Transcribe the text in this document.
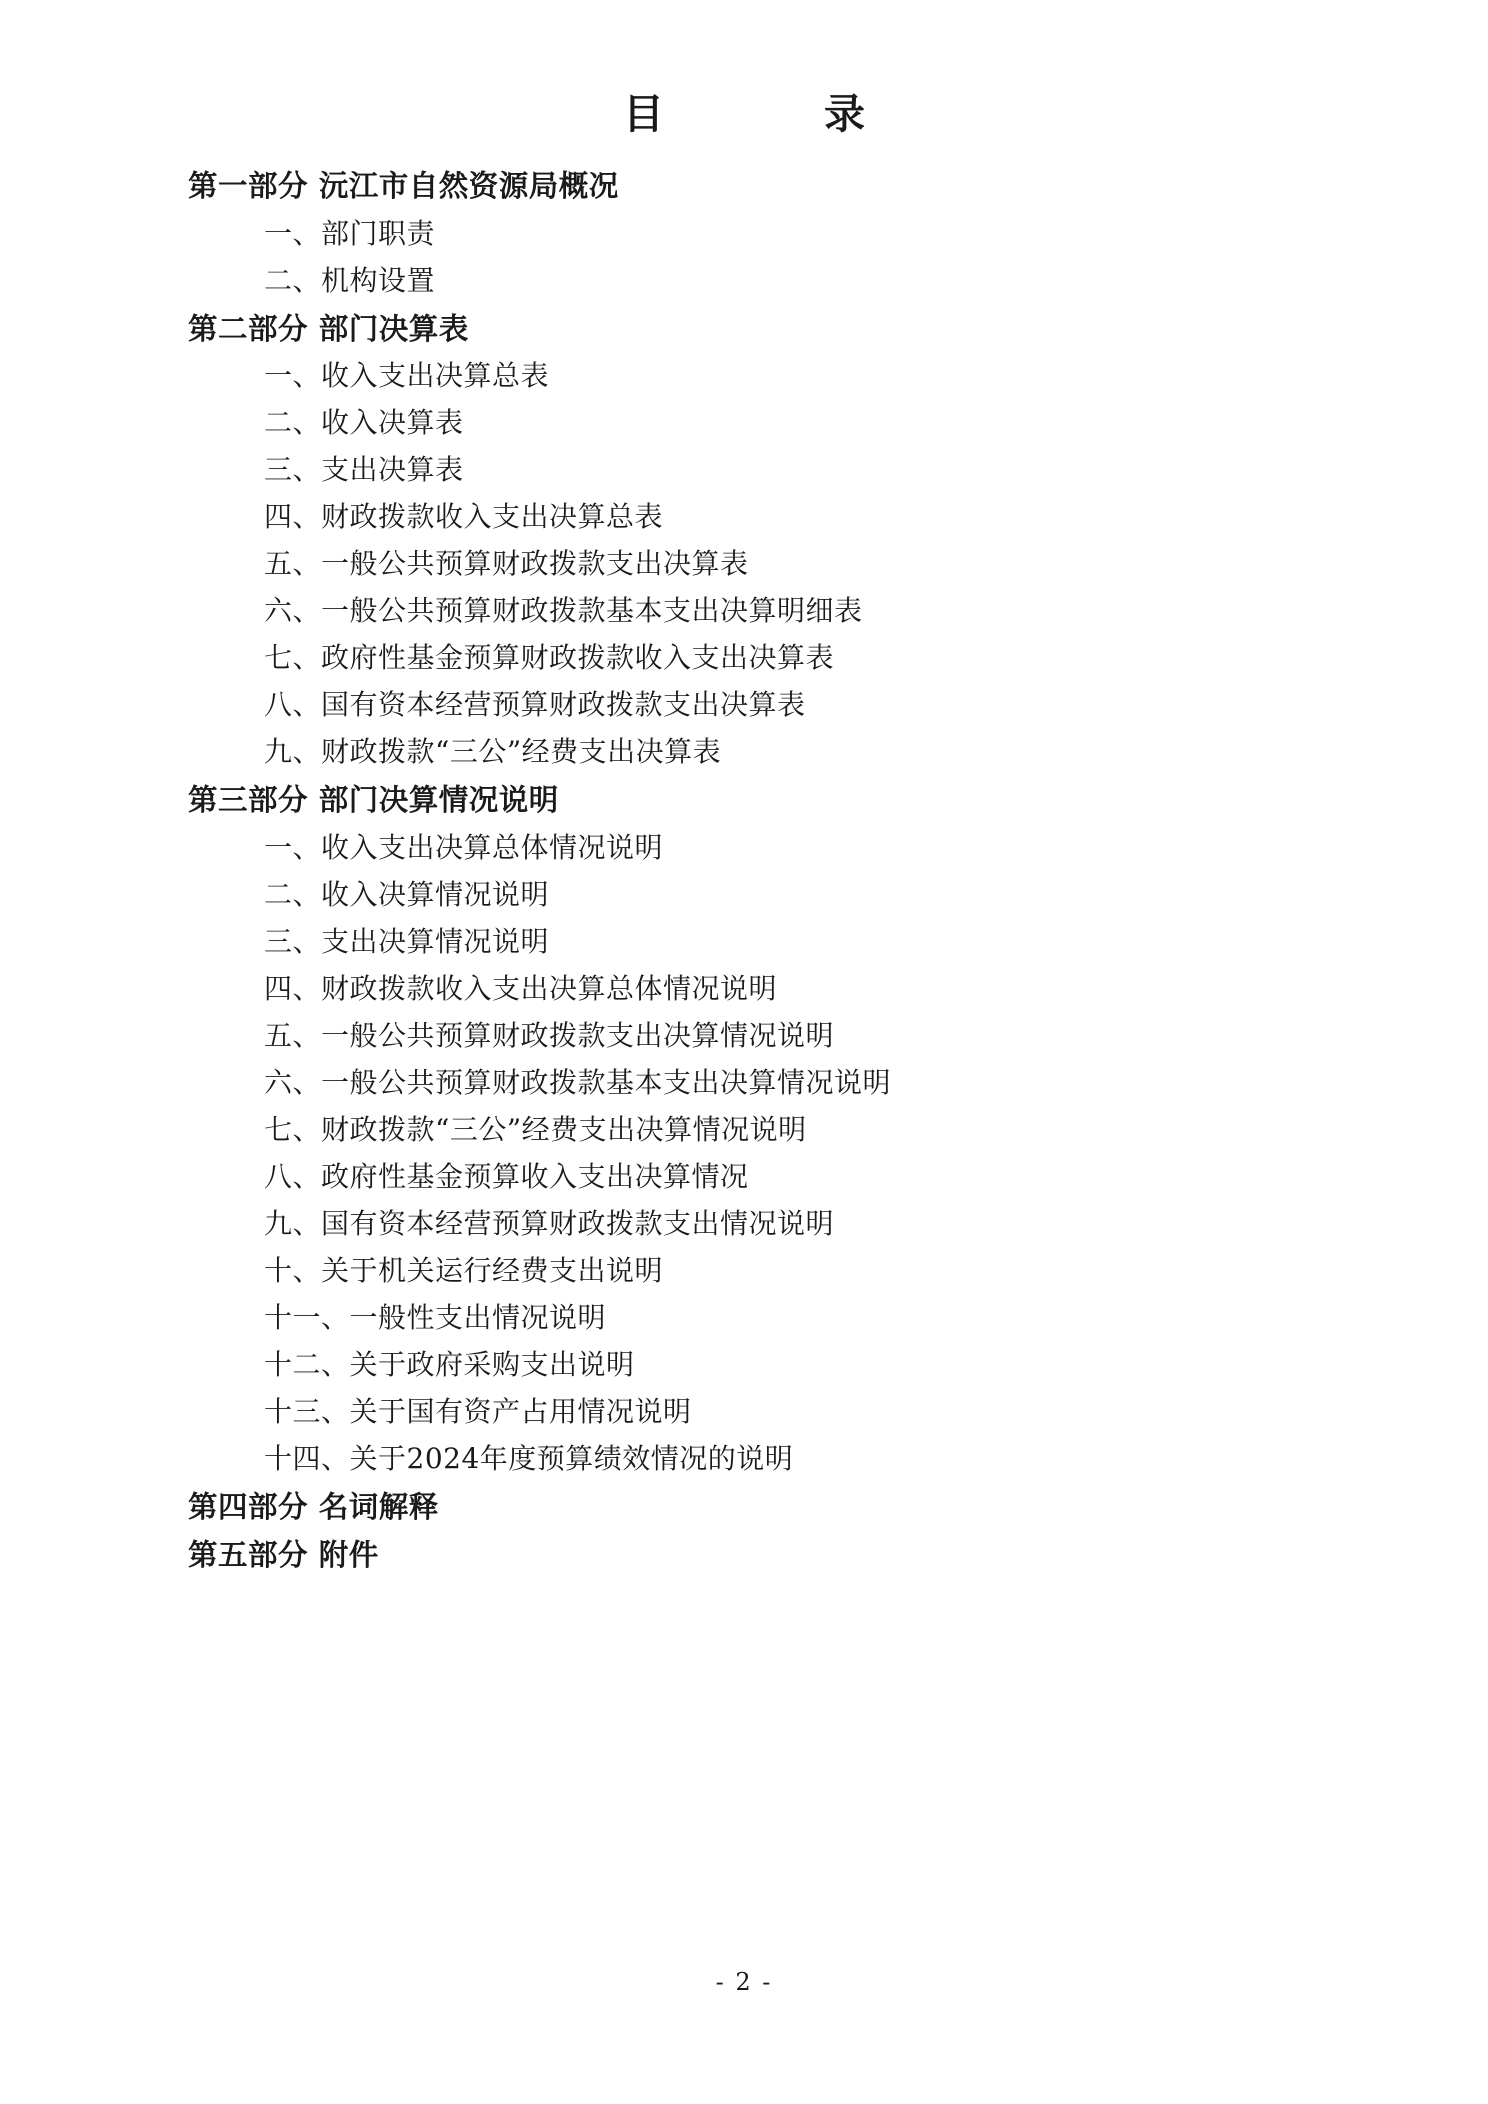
目　　录
第一部分 沅江市自然资源局概况
一、部门职责
二、机构设置
第二部分 部门决算表
一、收入支出决算总表
二、收入决算表
三、支出决算表
四、财政拨款收入支出决算总表
五、一般公共预算财政拨款支出决算表
六、一般公共预算财政拨款基本支出决算明细表
七、政府性基金预算财政拨款收入支出决算表
八、国有资本经营预算财政拨款支出决算表
九、财政拨款“三公”经费支出决算表
第三部分 部门决算情况说明
一、收入支出决算总体情况说明
二、收入决算情况说明
三、支出决算情况说明
四、财政拨款收入支出决算总体情况说明
五、一般公共预算财政拨款支出决算情况说明
六、一般公共预算财政拨款基本支出决算情况说明
七、财政拨款“三公”经费支出决算情况说明
八、政府性基金预算收入支出决算情况
九、国有资本经营预算财政拨款支出情况说明
十、关于机关运行经费支出说明
十一、一般性支出情况说明
十二、关于政府采购支出说明
十三、关于国有资产占用情况说明
十四、关于2024年度预算绩效情况的说明
第四部分 名词解释
第五部分 附件
- 2 -
